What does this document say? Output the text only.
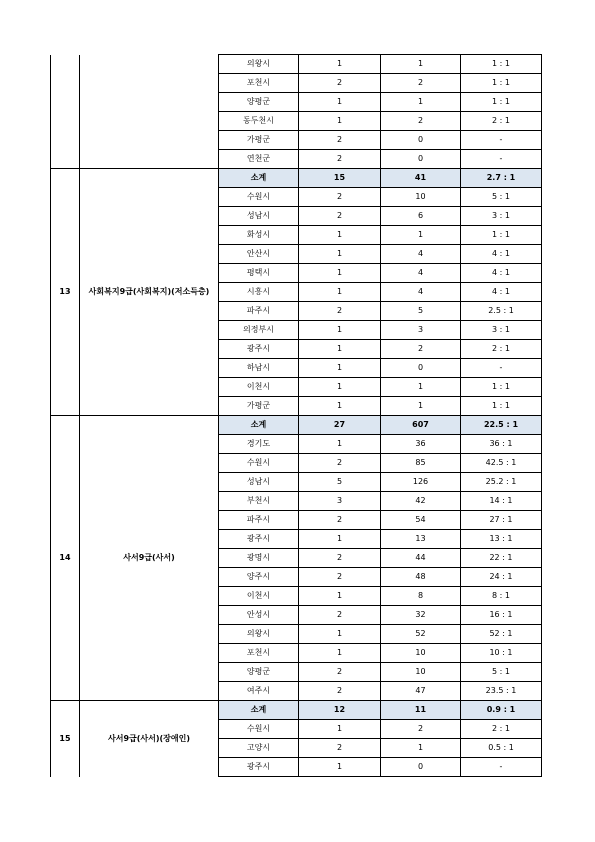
		의왕시	1	1	1 : 1
		포천시	2	2	1 : 1
		양평군	1	1	1 : 1
		동두천시	1	2	2 : 1
		가평군	2	0	-
		연천군	2	0	-
13	사회복지9급(사회복지)(저소득층)	소계	15	41	2.7 : 1
		수원시	2	10	5 : 1
		성남시	2	6	3 : 1
		화성시	1	1	1 : 1
		안산시	1	4	4 : 1
		평택시	1	4	4 : 1
		시흥시	1	4	4 : 1
		파주시	2	5	2.5 : 1
		의정부시	1	3	3 : 1
		광주시	1	2	2 : 1
		하남시	1	0	-
		이천시	1	1	1 : 1
		가평군	1	1	1 : 1
14	사서9급(사서)	소계	27	607	22.5 : 1
		경기도	1	36	36 : 1
		수원시	2	85	42.5 : 1
		성남시	5	126	25.2 : 1
		부천시	3	42	14 : 1
		파주시	2	54	27 : 1
		광주시	1	13	13 : 1
		광명시	2	44	22 : 1
		양주시	2	48	24 : 1
		이천시	1	8	8 : 1
		안성시	2	32	16 : 1
		의왕시	1	52	52 : 1
		포천시	1	10	10 : 1
		양평군	2	10	5 : 1
		여주시	2	47	23.5 : 1
15	사서9급(사서)(장애인)	소계	12	11	0.9 : 1
		수원시	1	2	2 : 1
		고양시	2	1	0.5 : 1
		광주시	1	0	-
